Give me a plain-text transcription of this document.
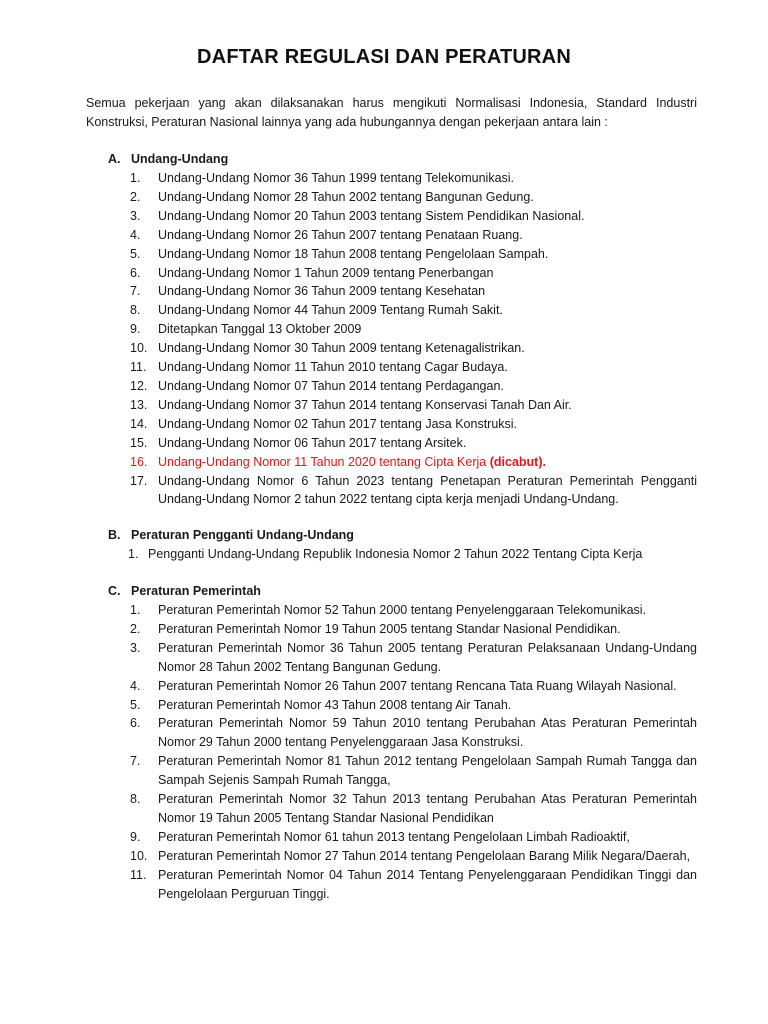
DAFTAR REGULASI DAN PERATURAN

Semua pekerjaan yang akan dilaksanakan harus mengikuti Normalisasi Indonesia, Standard Industri Konstruksi, Peraturan Nasional lainnya yang ada hubungannya dengan pekerjaan antara lain :

A. Undang-Undang
1.	Undang-Undang Nomor 36 Tahun 1999 tentang Telekomunikasi.
2.	Undang-Undang Nomor 28 Tahun 2002 tentang Bangunan Gedung.
3.	Undang-Undang Nomor 20 Tahun 2003 tentang Sistem Pendidikan Nasional.
4.	Undang-Undang Nomor 26 Tahun 2007 tentang Penataan Ruang.
5.	Undang-Undang Nomor 18 Tahun 2008 tentang Pengelolaan Sampah.
6.	Undang-Undang Nomor 1 Tahun 2009 tentang Penerbangan
7.	Undang-Undang Nomor 36 Tahun 2009 tentang Kesehatan
8.	Undang-Undang Nomor 44 Tahun 2009 Tentang Rumah Sakit.
9.	Ditetapkan Tanggal 13 Oktober 2009
10. Undang-Undang Nomor 30 Tahun 2009 tentang Ketenagalistrikan.
11. Undang-Undang Nomor 11 Tahun 2010 tentang Cagar Budaya.
12. Undang-Undang Nomor 07 Tahun 2014 tentang Perdagangan.
13. Undang-Undang Nomor 37 Tahun 2014 tentang Konservasi Tanah Dan Air.
14. Undang-Undang Nomor 02 Tahun 2017 tentang Jasa Konstruksi.
15. Undang-Undang Nomor 06 Tahun 2017 tentang Arsitek.
16. Undang-Undang Nomor 11 Tahun 2020 tentang Cipta Kerja (dicabut).
17. Undang-Undang Nomor 6 Tahun 2023 tentang Penetapan Peraturan Pemerintah Pengganti Undang-Undang Nomor 2 tahun 2022 tentang cipta kerja menjadi Undang-Undang.
B. Peraturan Pengganti Undang-Undang
1. Pengganti Undang-Undang Republik Indonesia Nomor 2 Tahun 2022 Tentang Cipta Kerja
C. Peraturan Pemerintah
1.	Peraturan Pemerintah Nomor 52 Tahun 2000 tentang Penyelenggaraan Telekomunikasi.
2.	Peraturan Pemerintah Nomor 19 Tahun 2005 tentang Standar Nasional Pendidikan.
3.	Peraturan Pemerintah Nomor 36 Tahun 2005 tentang Peraturan Pelaksanaan Undang-Undang Nomor 28 Tahun 2002 Tentang Bangunan Gedung.
4.	Peraturan Pemerintah Nomor 26 Tahun 2007 tentang Rencana Tata Ruang Wilayah Nasional.
5.	Peraturan Pemerintah Nomor 43 Tahun 2008 tentang Air Tanah.
6.	Peraturan Pemerintah Nomor 59 Tahun 2010 tentang Perubahan Atas Peraturan Pemerintah Nomor 29 Tahun 2000 tentang Penyelenggaraan Jasa Konstruksi.
7.	Peraturan Pemerintah Nomor 81 Tahun 2012 tentang Pengelolaan Sampah Rumah Tangga dan Sampah Sejenis Sampah Rumah Tangga,
8.	Peraturan Pemerintah Nomor 32 Tahun 2013 tentang Perubahan Atas Peraturan Pemerintah Nomor 19 Tahun 2005 Tentang Standar Nasional Pendidikan
9.	Peraturan Pemerintah Nomor 61 tahun 2013 tentang Pengelolaan Limbah Radioaktif,
10. Peraturan Pemerintah Nomor 27 Tahun 2014 tentang Pengelolaan Barang Milik Negara/Daerah,
11. Peraturan Pemerintah Nomor 04 Tahun 2014 Tentang Penyelenggaraan Pendidikan Tinggi dan Pengelolaan Perguruan Tinggi.
